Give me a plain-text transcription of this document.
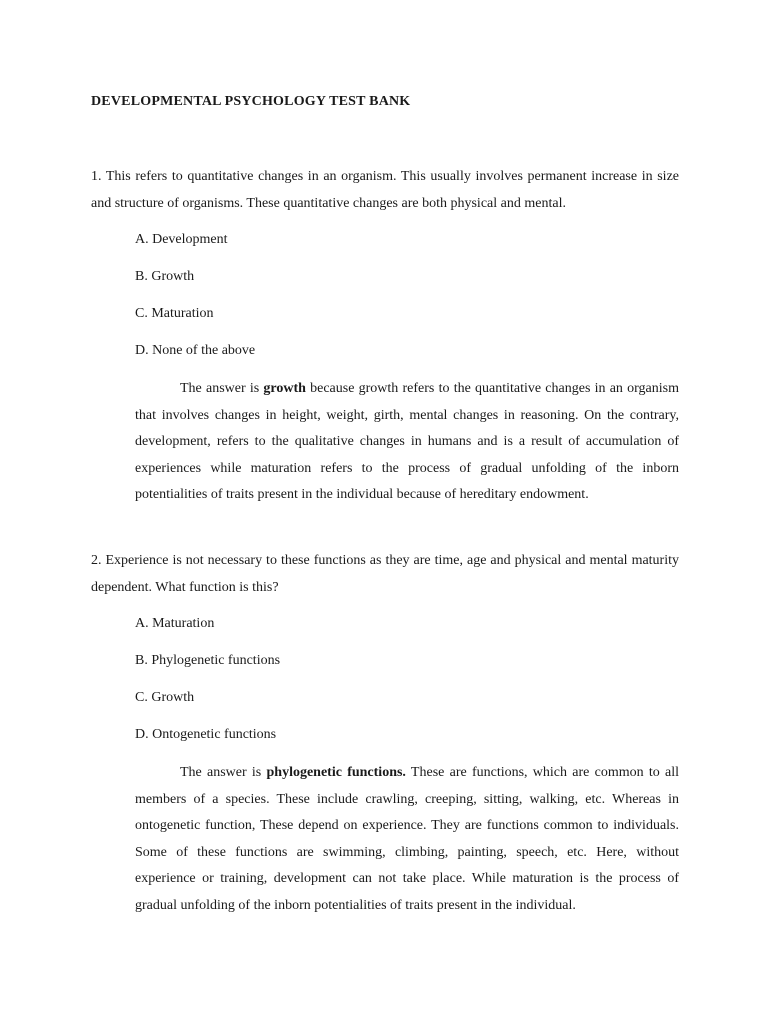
DEVELOPMENTAL PSYCHOLOGY TEST BANK
1. This refers to quantitative changes in an organism. This usually involves permanent increase in size and structure of organisms. These quantitative changes are both physical and mental.
A. Development
B. Growth
C. Maturation
D. None of the above
The answer is growth because growth refers to the quantitative changes in an organism that involves changes in height, weight, girth, mental changes in reasoning. On the contrary, development, refers to the qualitative changes in humans and is a result of accumulation of experiences while maturation refers to the process of gradual unfolding of the inborn potentialities of traits present in the individual because of hereditary endowment.
2. Experience is not necessary to these functions as they are time, age and physical and mental maturity dependent. What function is this?
A. Maturation
B. Phylogenetic functions
C. Growth
D. Ontogenetic functions
The answer is phylogenetic functions. These are functions, which are common to all members of a species. These include crawling, creeping, sitting, walking, etc. Whereas in ontogenetic function, These depend on experience. They are functions common to individuals. Some of these functions are swimming, climbing, painting, speech, etc. Here, without experience or training, development can not take place. While maturation is the process of gradual unfolding of the inborn potentialities of traits present in the individual.
